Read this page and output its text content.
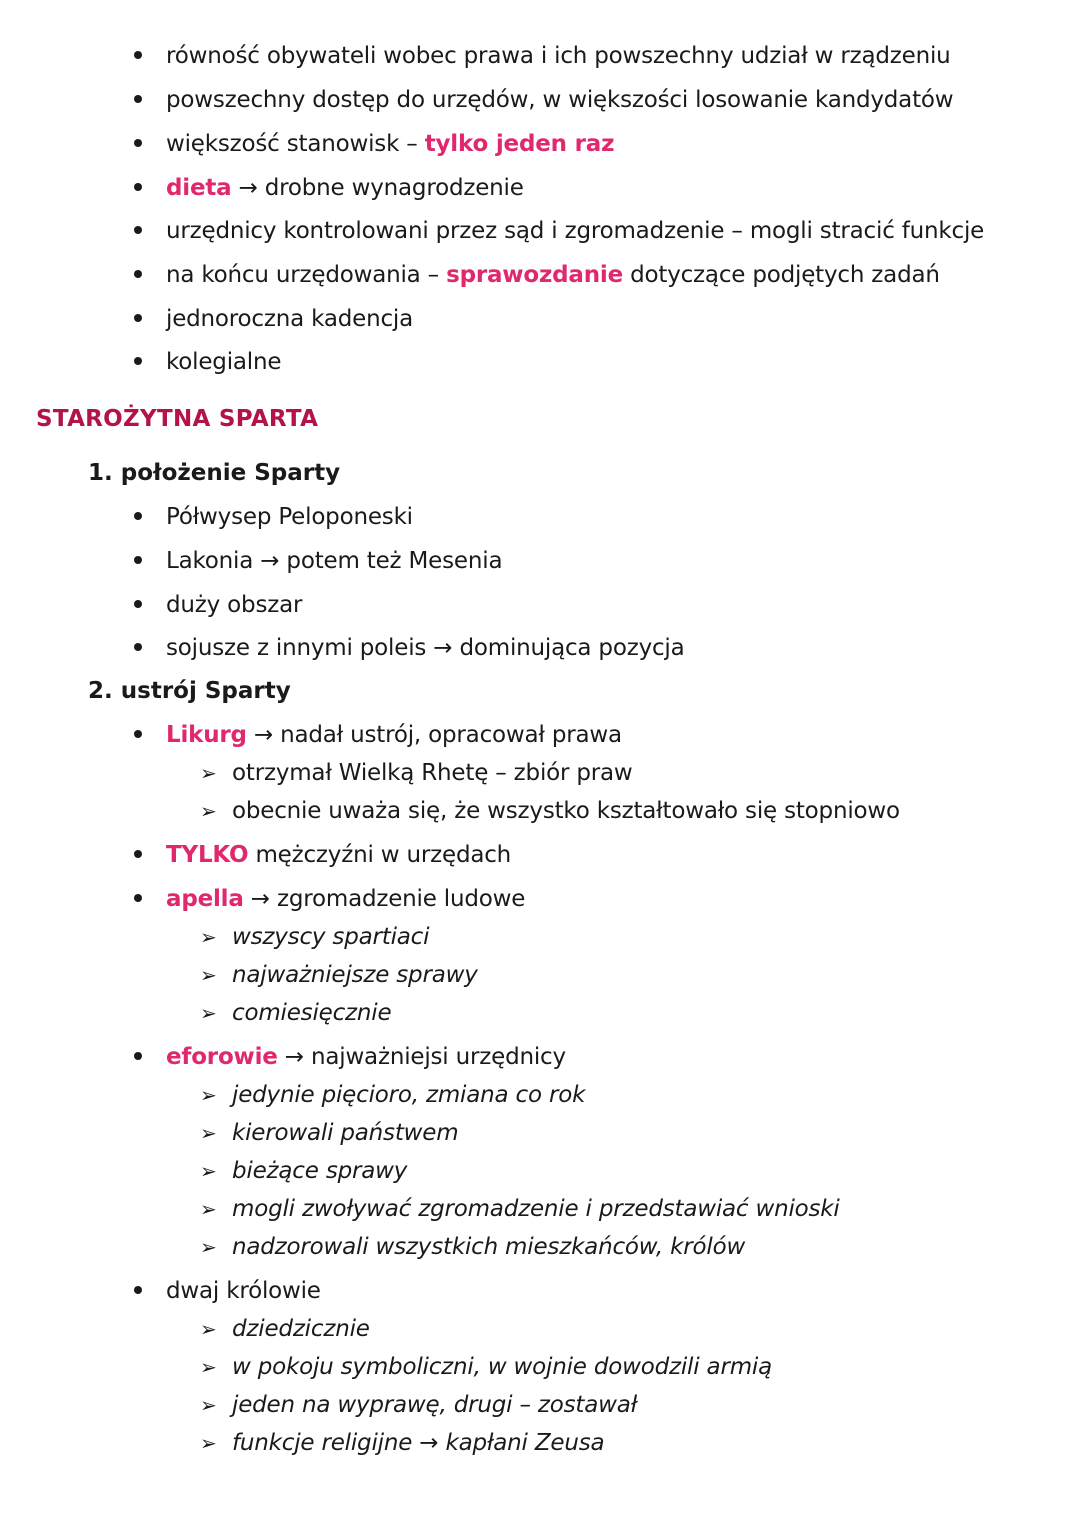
równość obywateli wobec prawa i ich powszechny udział w rządzeniu
powszechny dostęp do urzędów, w większości losowanie kandydatów
większość stanowisk – tylko jeden raz
dieta → drobne wynagrodzenie
urzędnicy kontrolowani przez sąd i zgromadzenie – mogli stracić funkcje
na końcu urzędowania – sprawozdanie dotyczące podjętych zadań
jednoroczna kadencja
kolegialne
STAROŻYTNA SPARTA
1. położenie Sparty
Półwysep Peloponeski
Lakonia → potem też Mesenia
duży obszar
sojusze z innymi poleis → dominująca pozycja
2. ustrój Sparty
Likurg → nadał ustrój, opracował prawa
➢ otrzymał Wielką Rhetę – zbiór praw
➢ obecnie uważa się, że wszystko kształtowało się stopniowo
TYLKO mężczyźni w urzędach
apella → zgromadzenie ludowe
➢ wszyscy spartiaci
➢ najważniejsze sprawy
➢ comiesięcznie
eforowie → najważniejsi urzędnicy
➢ jedynie pięcioro, zmiana co rok
➢ kierowali państwem
➢ bieżące sprawy
➢ mogli zwoływać zgromadzenie i przedstawiać wnioski
➢ nadzorowali wszystkich mieszkańców, królów
dwaj królowie
➢ dziedzicznie
➢ w pokoju symboliczni, w wojnie dowodzili armią
➢ jeden na wyprawę, drugi – zostawał
➢ funkcje religijne → kapłani Zeusa
